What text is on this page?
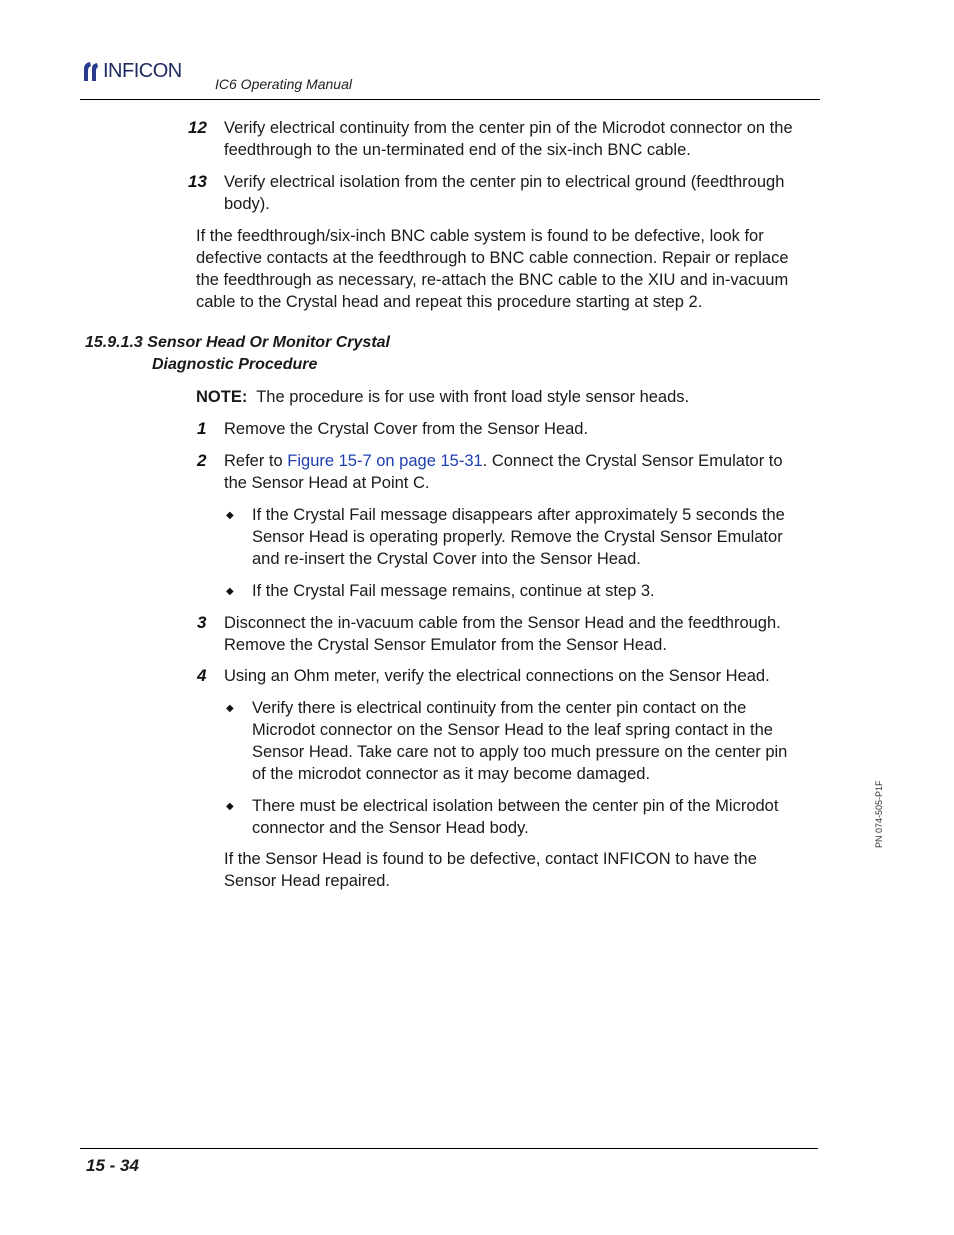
INFICON
IC6 Operating Manual
12 Verify electrical continuity from the center pin of the Microdot connector on the
feedthrough to the un-terminated end of the six-inch BNC cable.
13 Verify electrical isolation from the center pin to electrical ground (feedthrough
body).
If the feedthrough/six-inch BNC cable system is found to be defective, look for
defective contacts at the feedthrough to BNC cable connection. Repair or replace
the feedthrough as necessary, re-attach the BNC cable to the XIU and in-vacuum
cable to the Crystal head and repeat this procedure starting at step 2.
15.9.1.3 Sensor Head Or Monitor Crystal
Diagnostic Procedure
NOTE: The procedure is for use with front load style sensor heads.
1 Remove the Crystal Cover from the Sensor Head.
2 Refer to Figure 15-7 on page 15-31. Connect the Crystal Sensor Emulator to
the Sensor Head at Point C.
◆ If the Crystal Fail message disappears after approximately 5 seconds the
Sensor Head is operating properly. Remove the Crystal Sensor Emulator
and re-insert the Crystal Cover into the Sensor Head.
◆ If the Crystal Fail message remains, continue at step 3.
3 Disconnect the in-vacuum cable from the Sensor Head and the feedthrough.
Remove the Crystal Sensor Emulator from the Sensor Head.
4 Using an Ohm meter, verify the electrical connections on the Sensor Head.
◆ Verify there is electrical continuity from the center pin contact on the
Microdot connector on the Sensor Head to the leaf spring contact in the
Sensor Head. Take care not to apply too much pressure on the center pin
of the microdot connector as it may become damaged.
◆ There must be electrical isolation between the center pin of the Microdot
connector and the Sensor Head body.
If the Sensor Head is found to be defective, contact INFICON to have the
Sensor Head repaired.
PN 074-505-P1F
15 - 34
